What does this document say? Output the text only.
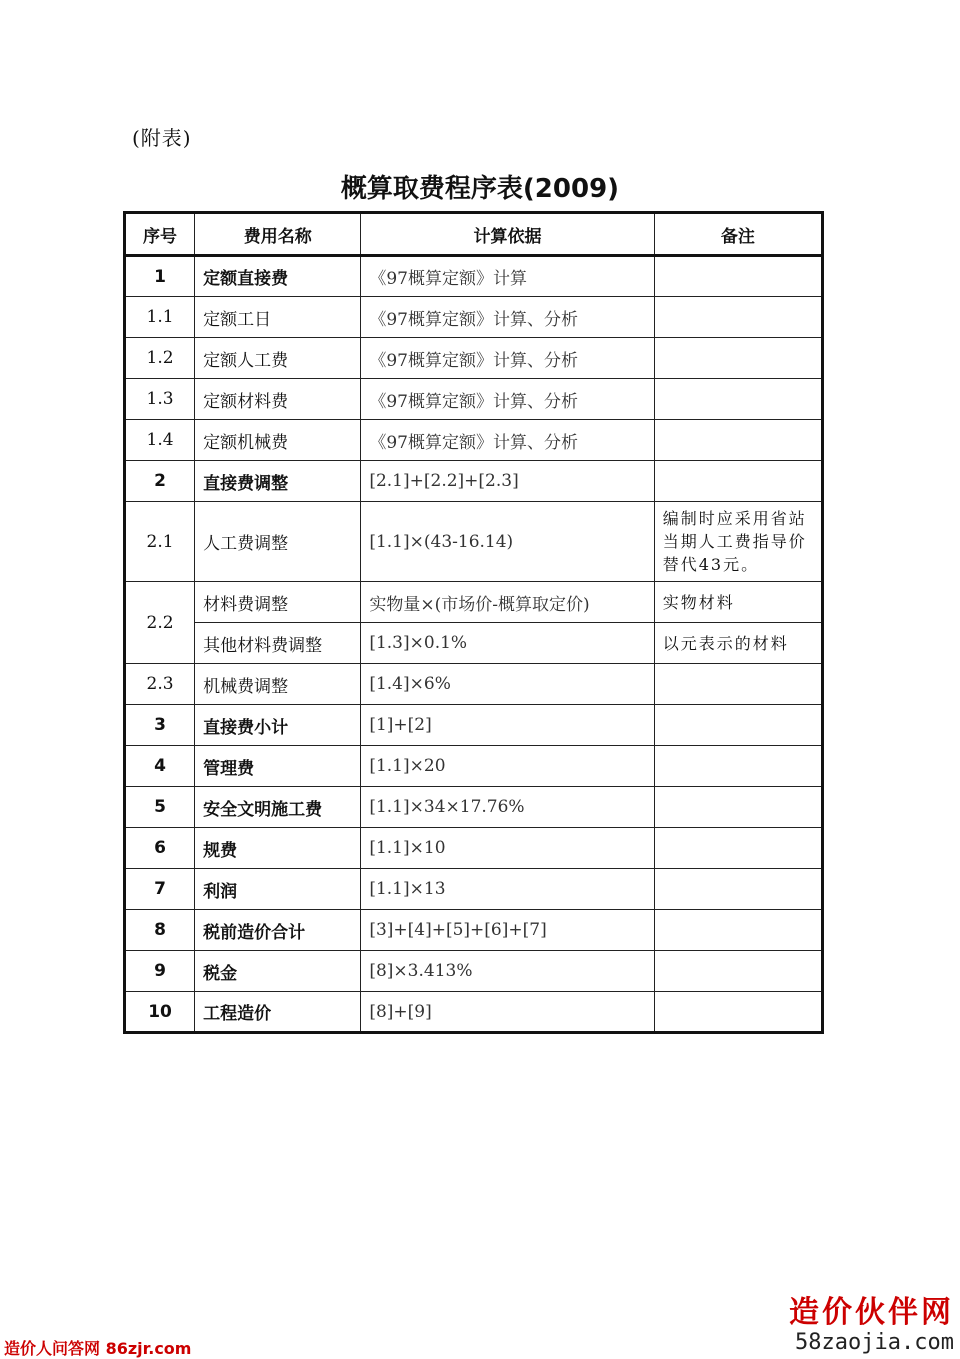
(附表)
概算取费程序表(2009)
序号	费用名称	计算依据	备注
1	定额直接费	《97概算定额》计算	
1.1	定额工日	《97概算定额》计算、分析	
1.2	定额人工费	《97概算定额》计算、分析	
1.3	定额材料费	《97概算定额》计算、分析	
1.4	定额机械费	《97概算定额》计算、分析	
2	直接费调整	[2.1]+[2.2]+[2.3]	
2.1	人工费调整	[1.1]×(43-16.14)	编制时应采用省站当期人工费指导价替代43元。
2.2	材料费调整	实物量×(市场价-概算取定价)	实物材料
	其他材料费调整	[1.3]×0.1%	以元表示的材料
2.3	机械费调整	[1.4]×6%	
3	直接费小计	[1]+[2]	
4	管理费	[1.1]×20	
5	安全文明施工费	[1.1]×34×17.76%	
6	规费	[1.1]×10	
7	利润	[1.1]×13	
8	税前造价合计	[3]+[4]+[5]+[6]+[7]	
9	税金	[8]×3.413%	
10	工程造价	[8]+[9]	
造价人问答网 86zjr.com
造价伙伴网
58zaojia.com
